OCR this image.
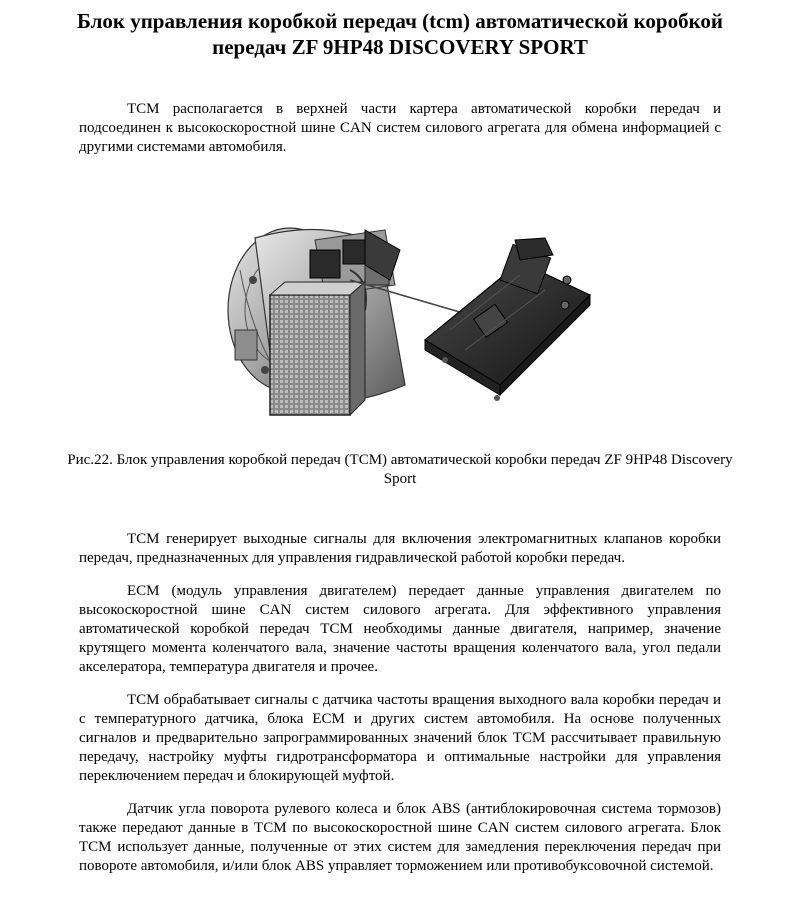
Блок управления коробкой передач (tcm) автоматической коробкой передач ZF 9HP48 DISCOVERY SPORT

TCM располагается в верхней части картера автоматической коробки передач и подсоединен к высокоскоростной шине CAN систем силового агрегата для обмена информацией с другими системами автомобиля.

Рис.22. Блок управления коробкой передач (TCM) автоматической коробки передач ZF 9HP48 Discovery Sport

TCM генерирует выходные сигналы для включения электромагнитных клапанов коробки передач, предназначенных для управления гидравлической работой коробки передач.

ECM (модуль управления двигателем) передает данные управления двигателем по высокоскоростной шине CAN систем силового агрегата. Для эффективного управления автоматической коробкой передач TCM необходимы данные двигателя, например, значение крутящего момента коленчатого вала, значение частоты вращения коленчатого вала, угол педали акселератора, температура двигателя и прочее.

TCM обрабатывает сигналы с датчика частоты вращения выходного вала коробки передач и с температурного датчика, блока ECM и других систем автомобиля. На основе полученных сигналов и предварительно запрограммированных значений блок TCM рассчитывает правильную передачу, настройку муфты гидротрансформатора и оптимальные настройки для управления переключением передач и блокирующей муфтой.

Датчик угла поворота рулевого колеса и блок ABS (антиблокировочная система тормозов) также передают данные в TCM по высокоскоростной шине CAN систем силового агрегата. Блок TCM использует данные, полученные от этих систем для замедления переключения передач при повороте автомобиля, и/или блок ABS управляет торможением или противобуксовочной системой.
